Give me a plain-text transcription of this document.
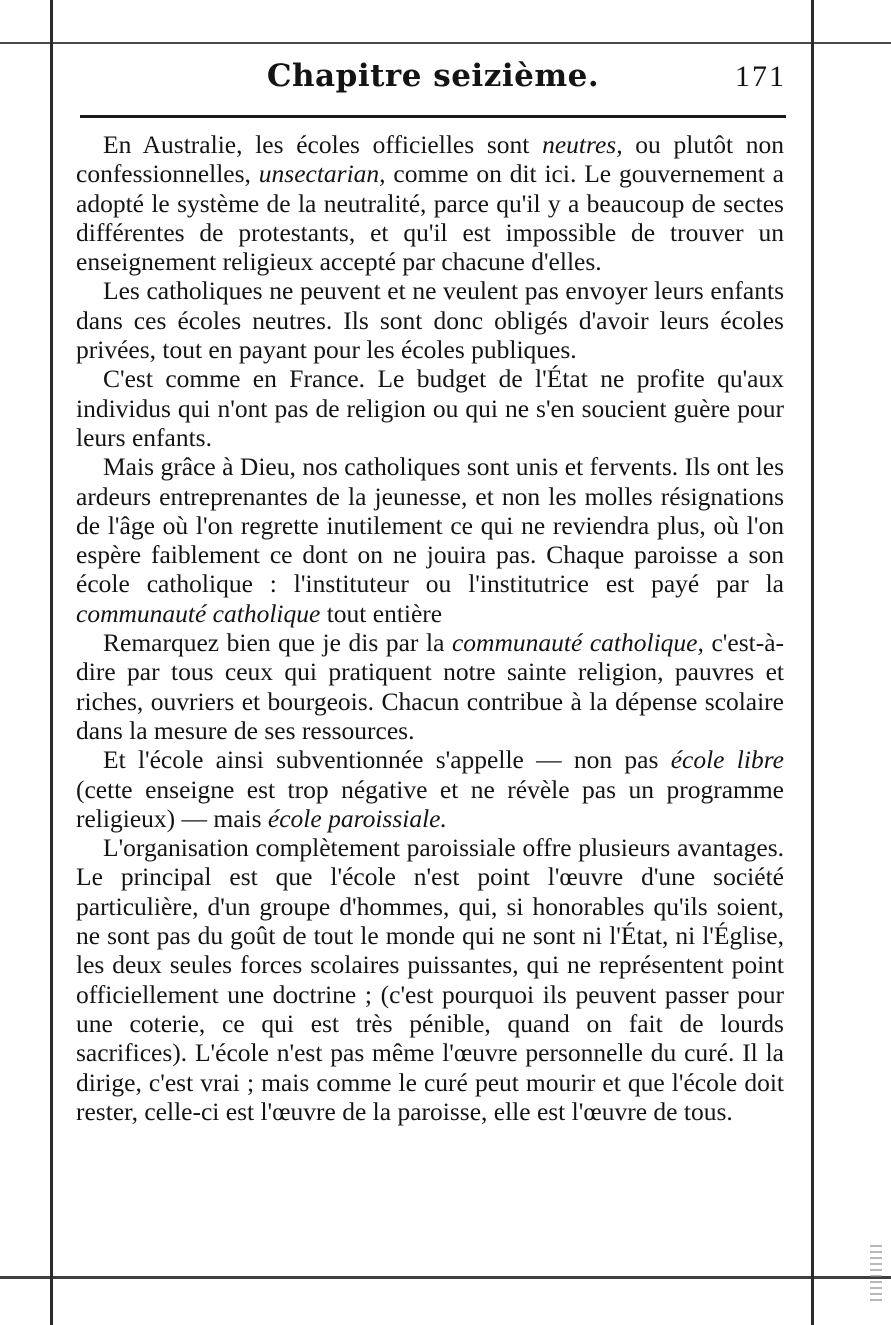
Chapitre seizième.	171

En Australie, les écoles officielles sont neutres, ou plutôt non confessionnelles, unsectarian, comme on dit ici. Le gouvernement a adopté le système de la neutralité, parce qu'il y a beaucoup de sectes différentes de protestants, et qu'il est impossible de trouver un enseignement religieux accepté par chacune d'elles.

Les catholiques ne peuvent et ne veulent pas envoyer leurs enfants dans ces écoles neutres. Ils sont donc obligés d'avoir leurs écoles privées, tout en payant pour les écoles publiques.

C'est comme en France. Le budget de l'État ne profite qu'aux individus qui n'ont pas de religion ou qui ne s'en soucient guère pour leurs enfants.

Mais grâce à Dieu, nos catholiques sont unis et fervents. Ils ont les ardeurs entreprenantes de la jeunesse, et non les molles résignations de l'âge où l'on regrette inutilement ce qui ne reviendra plus, où l'on espère faiblement ce dont on ne jouira pas. Chaque paroisse a son école catholique : l'instituteur ou l'institutrice est payé par la communauté catholique tout entière

Remarquez bien que je dis par la communauté catholique, c'est-à-dire par tous ceux qui pratiquent notre sainte religion, pauvres et riches, ouvriers et bourgeois. Chacun contribue à la dépense scolaire dans la mesure de ses ressources.

Et l'école ainsi subventionnée s'appelle — non pas école libre (cette enseigne est trop négative et ne révèle pas un programme religieux) — mais école paroissiale.

L'organisation complètement paroissiale offre plusieurs avantages. Le principal est que l'école n'est point l'œuvre d'une société particulière, d'un groupe d'hommes, qui, si honorables qu'ils soient, ne sont pas du goût de tout le monde qui ne sont ni l'État, ni l'Église, les deux seules forces scolaires puissantes, qui ne représentent point officiellement une doctrine ; (c'est pourquoi ils peuvent passer pour une coterie, ce qui est très pénible, quand on fait de lourds sacrifices). L'école n'est pas même l'œuvre personnelle du curé. Il la dirige, c'est vrai ; mais comme le curé peut mourir et que l'école doit rester, celle-ci est l'œuvre de la paroisse, elle est l'œuvre de tous.
